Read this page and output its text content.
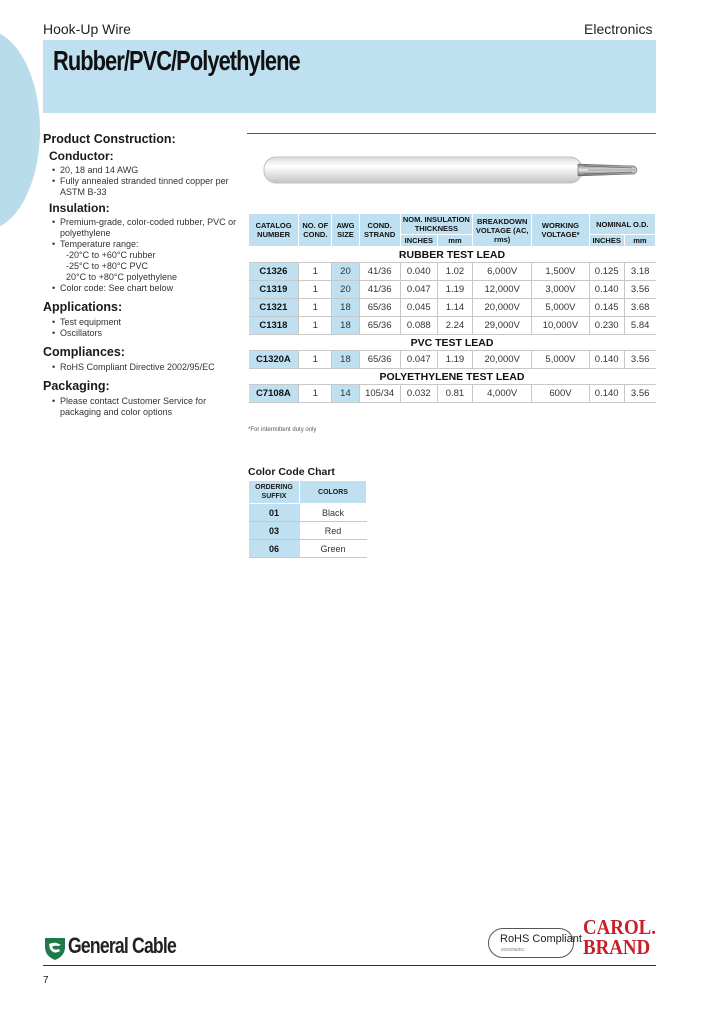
Hook-Up Wire	Electronics
Rubber/PVC/Polyethylene
Product Construction:
Conductor:
• 20, 18 and 14 AWG
• Fully annealed stranded tinned copper per ASTM B-33
Insulation:
• Premium-grade, color-coded rubber, PVC or polyethylene
• Temperature range:
-20°C to +60°C rubber
-25°C to +80°C PVC
20°C to +80°C polyethylene
• Color code: See chart below
Applications:
• Test equipment
• Oscillators
Compliances:
• RoHS Compliant Directive 2002/95/EC
Packaging:
• Please contact Customer Service for packaging and color options
CATALOG NUMBER	NO. OF COND.	AWG SIZE	COND. STRAND	NOM. INSULATION THICKNESS		BREAKDOWN VOLTAGE (AC, rms)	WORKING VOLTAGE*	NOMINAL O.D.	
				INCHES	mm			INCHES	mm
RUBBER TEST LEAD									
C1326	1	20	41/36	0.040	1.02	6,000V	1,500V	0.125	3.18
C1319	1	20	41/36	0.047	1.19	12,000V	3,000V	0.140	3.56
C1321	1	18	65/36	0.045	1.14	20,000V	5,000V	0.145	3.68
C1318	1	18	65/36	0.088	2.24	29,000V	10,000V	0.230	5.84
PVC TEST LEAD									
C1320A	1	18	65/36	0.047	1.19	20,000V	5,000V	0.140	3.56
POLYETHYLENE TEST LEAD									
C7108A	1	14	105/34	0.032	0.81	4,000V	600V	0.140	3.56
*For intermittent duty only
Color Code Chart
ORDERING SUFFIX	COLORS
01	Black
03	Red
06	Green
General Cable	RoHS Compliant
2002/95/EC
CAROL.
BRAND
7
